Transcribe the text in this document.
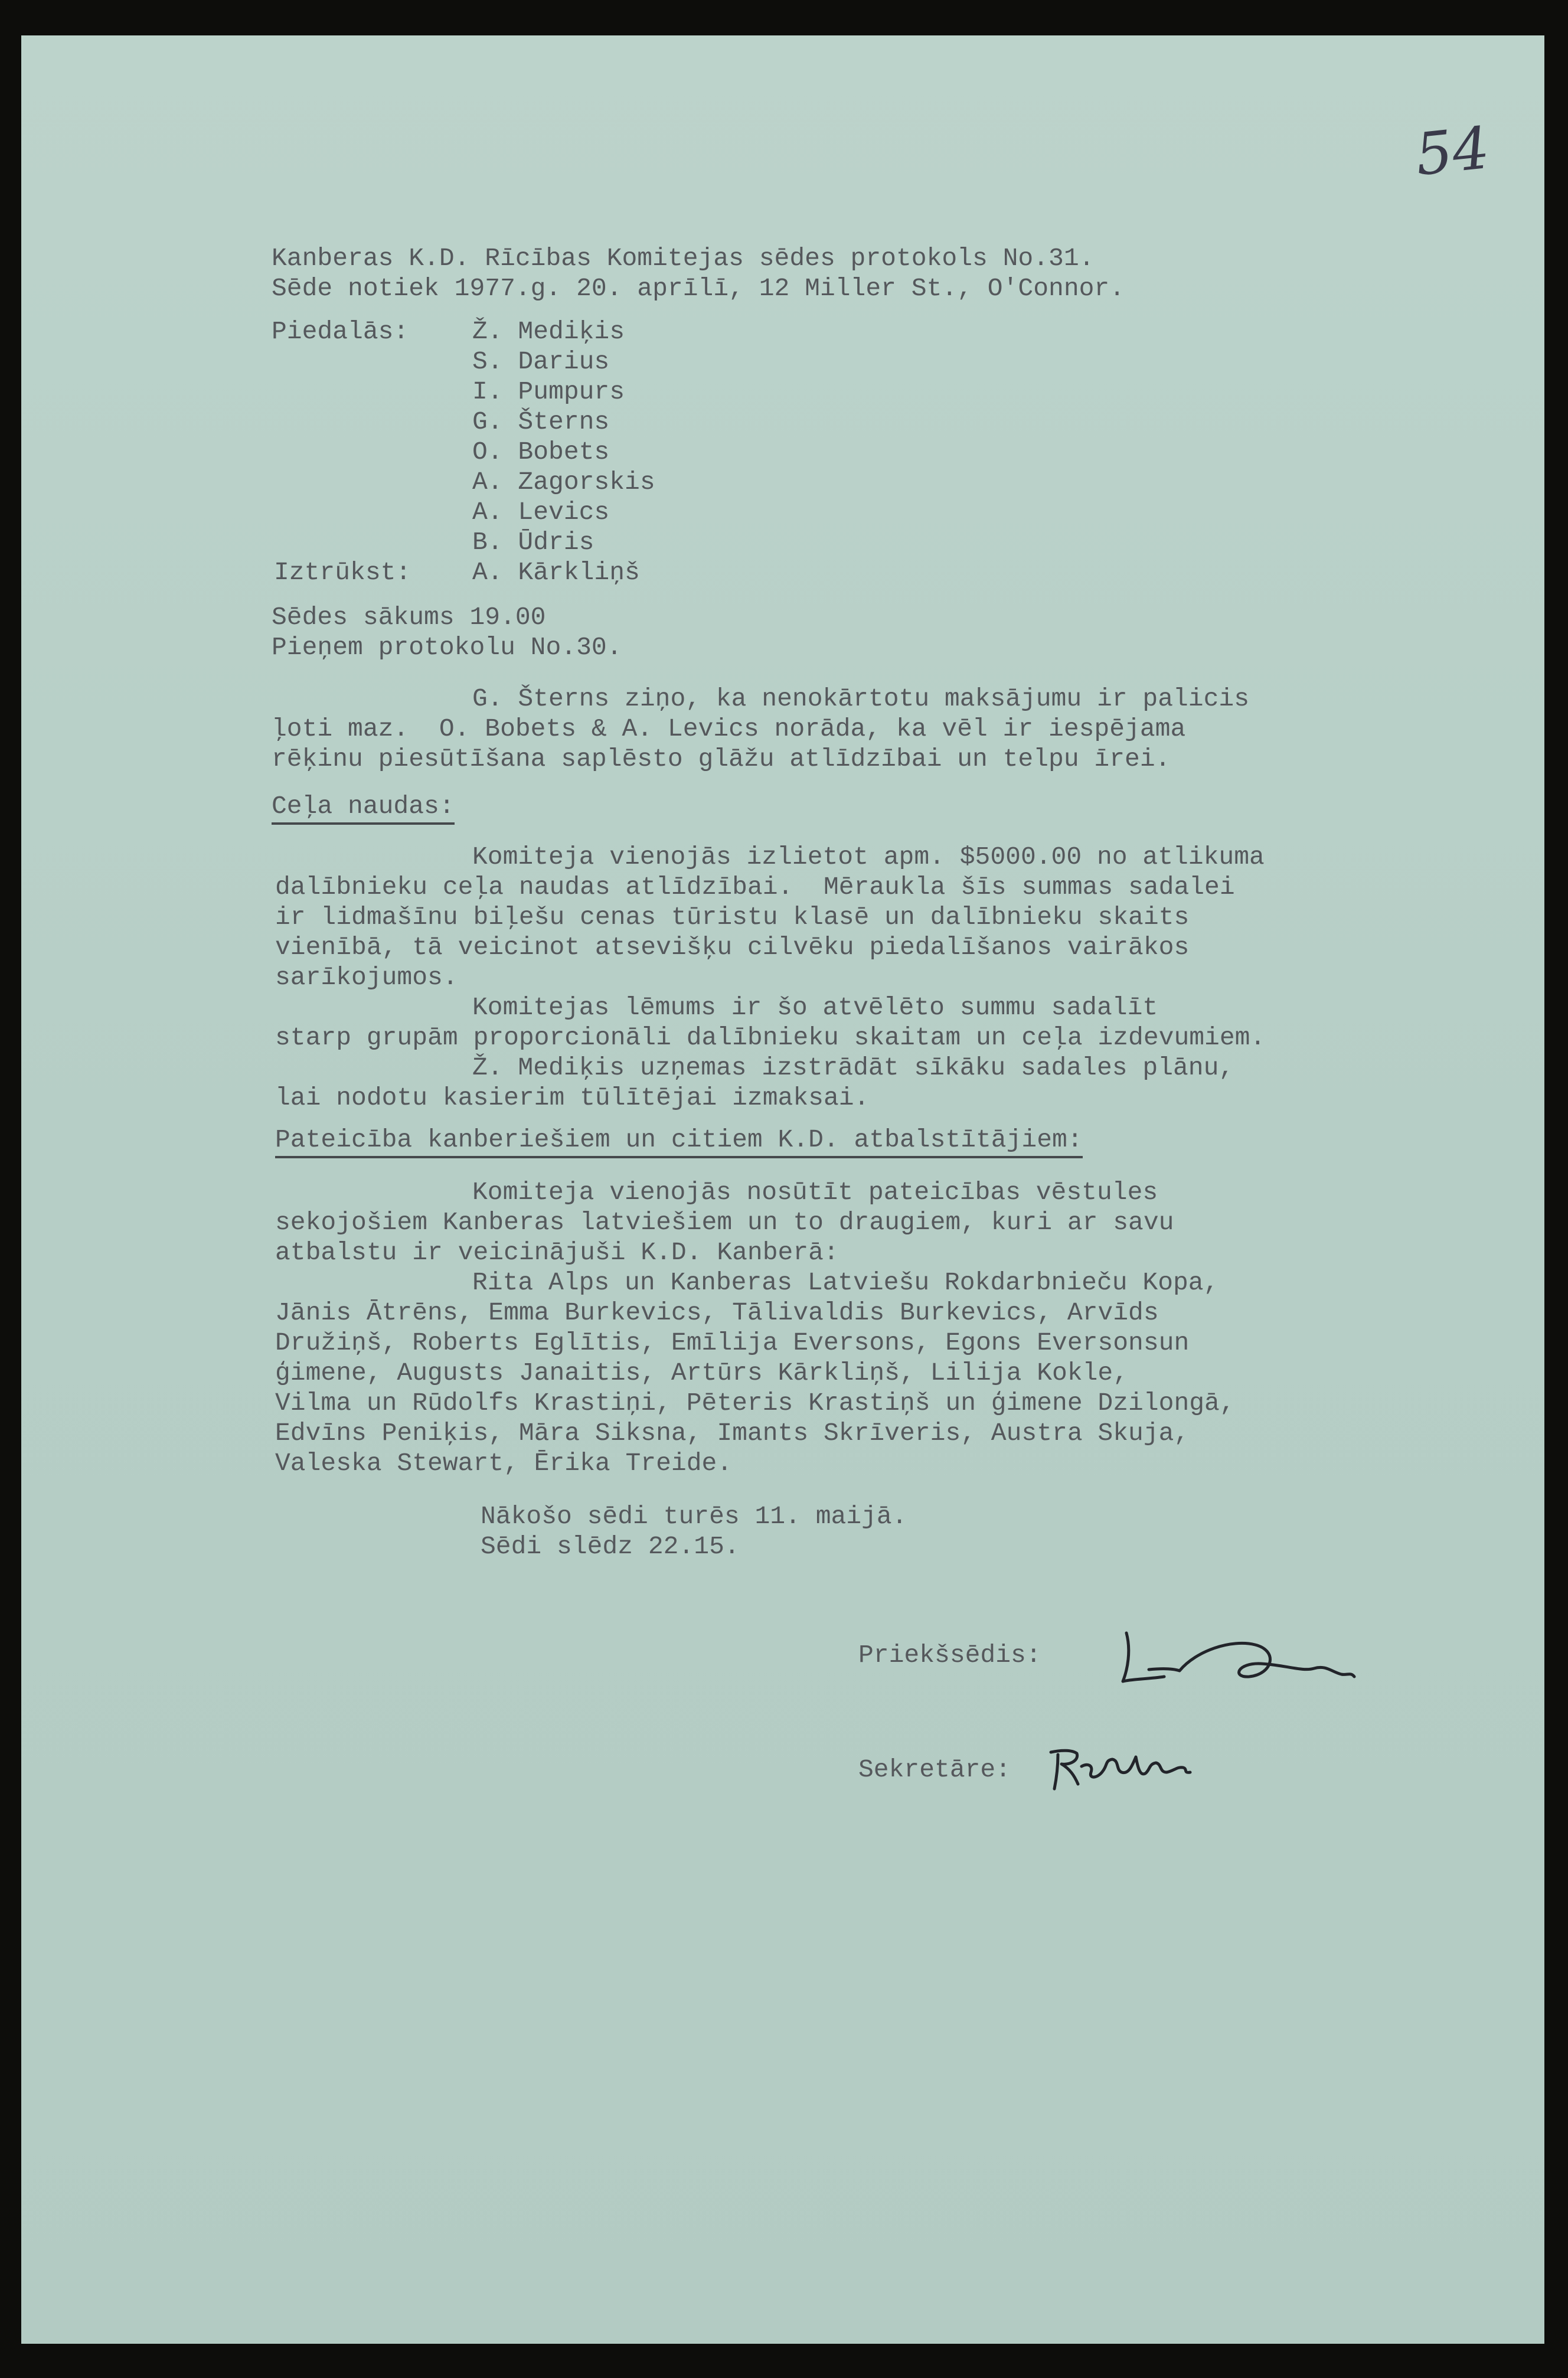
54

Kanberas K.D. Rīcības Komitejas sēdes protokols No.31.

Sēde notiek 1977.g. 20. aprīlī, 12 Miller St., O'Connor.

Piedalās:

	Ž. Mediķis

S. Darius

I. Pumpurs

G. Šterns

O. Bobets

A. Zagorskis

A. Levics

B. Ūdris

Iztrūkst:

A. Kārkliņš

Sēdes sākums 19.00

Pieņem protokolu No.30.

G. Šterns ziņo, ka nenokārtotu maksājumu ir palicis

ļoti maz.  O. Bobets & A. Levics norāda, ka vēl ir iespējama

rēķinu piesūtīšana saplēsto glāžu atlīdzībai un telpu īrei.

Ceļa naudas:

Komiteja vienojās izlietot apm. $5000.00 no atlikuma

dalībnieku ceļa naudas atlīdzībai.  Mēraukla šīs summas sadalei

ir lidmašīnu biļešu cenas tūristu klasē un dalībnieku skaits

vienībā, tā veicinot atsevišķu cilvēku piedalīšanos vairākos

sarīkojumos.

Komitejas lēmums ir šo atvēlēto summu sadalīt

starp grupām proporcionāli dalībnieku skaitam un ceļa izdevumiem.

Ž. Mediķis uzņemas izstrādāt sīkāku sadales plānu,

lai nodotu kasierim tūlītējai izmaksai.

Pateicība kanberiešiem un citiem K.D. atbalstītājiem:

Komiteja vienojās nosūtīt pateicības vēstules

sekojošiem Kanberas latviešiem un to draugiem, kuri ar savu

atbalstu ir veicinājuši K.D. Kanberā:

Rita Alps un Kanberas Latviešu Rokdarbnieču Kopa,

Jānis Ātrēns, Emma Burkevics, Tālivaldis Burkevics, Arvīds

Družiņš, Roberts Eglītis, Emīlija Eversons, Egons Eversonsun

ģimene, Augusts Janaitis, Artūrs Kārkliņš, Lilija Kokle,

Vilma un Rūdolfs Krastiņi, Pēteris Krastiņš un ģimene Dzilongā,

Edvīns Peniķis, Māra Siksna, Imants Skrīveris, Austra Skuja,

Valeska Stewart, Ērika Treide.

Nākošo sēdi turēs 11. maijā.

Sēdi slēdz 22.15.

Priekšsēdis:

Sekretāre:
